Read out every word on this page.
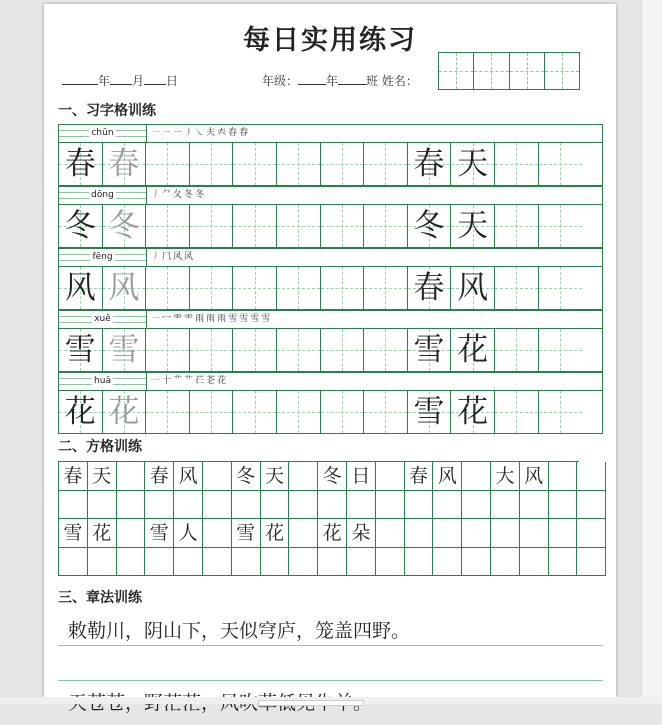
每日实用练习
年 月 日	年级： 年 班 姓名：
一、习字格训练
chūn	㇐㇐㇐丿㇏夫𡗗春春
春 春	春 天
dōng	丿⺈夂冬冬
冬 冬	冬 天
fēng	丿⺇风风
风 风	春 风
xuě	㇐冖⻗⻗雨雨雨雪雪雪雪
雪 雪	雪 花
huā	一十艹艹芢芲花
花 花	雪 花
二、方格训练
春 天 春 风 冬 天 冬 日 春 风 大 风
雪 花 雪 人 雪 花 花 朵
三、章法训练
敕勒川，阴山下，天似穹庐，笼盖四野。
